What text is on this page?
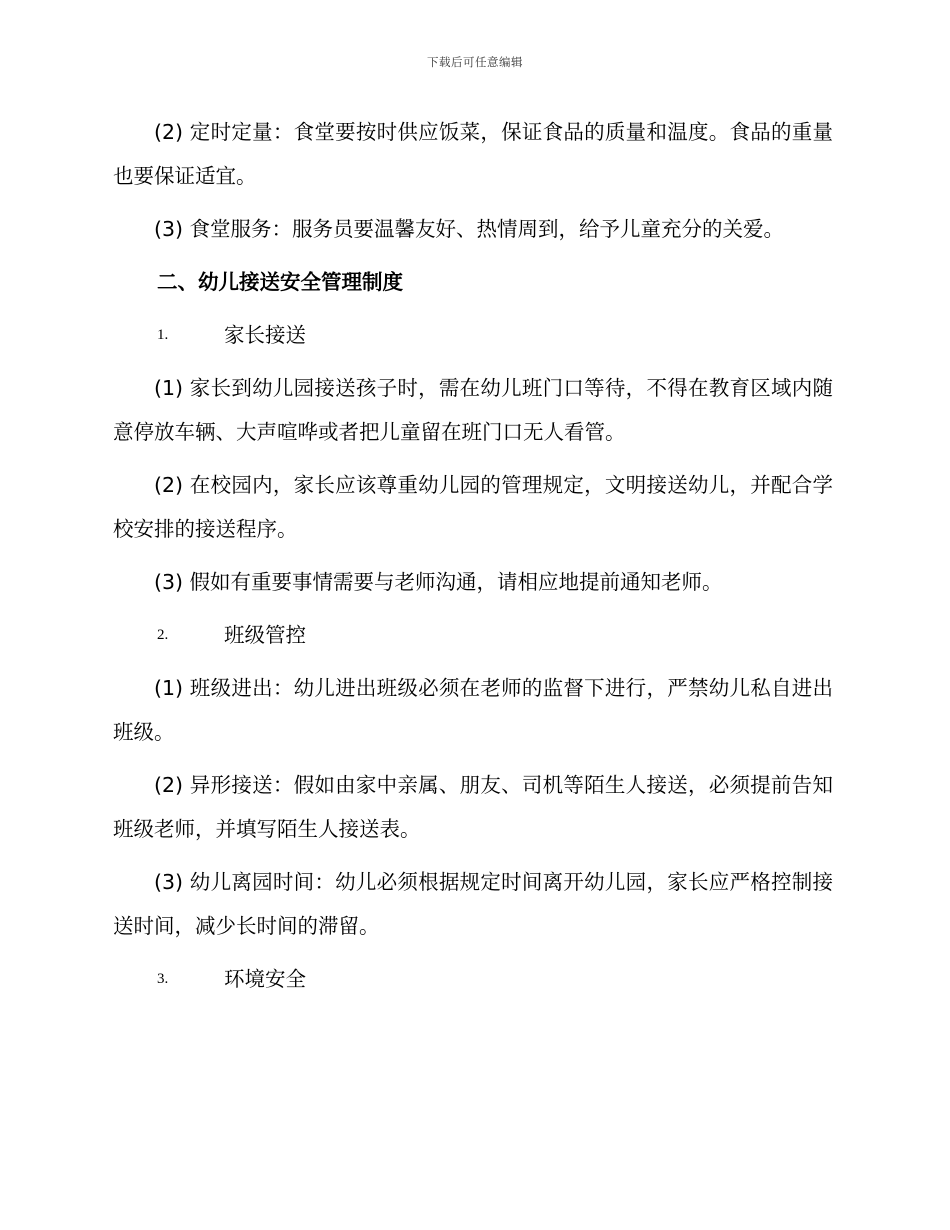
下载后可任意编辑

(2) 定时定量：食堂要按时供应饭菜，保证食品的质量和温度。食品的重量也要保证适宜。

(3) 食堂服务：服务员要温馨友好、热情周到，给予儿童充分的关爱。

二、幼儿接送安全管理制度
1.	家长接送

(1) 家长到幼儿园接送孩子时，需在幼儿班门口等待，不得在教育区域内随意停放车辆、大声喧哗或者把儿童留在班门口无人看管。

(2) 在校园内，家长应该尊重幼儿园的管理规定，文明接送幼儿，并配合学校安排的接送程序。

(3) 假如有重要事情需要与老师沟通，请相应地提前通知老师。

2.	班级管控

(1) 班级进出：幼儿进出班级必须在老师的监督下进行，严禁幼儿私自进出班级。

(2) 异形接送：假如由家中亲属、朋友、司机等陌生人接送，必须提前告知班级老师，并填写陌生人接送表。

(3) 幼儿离园时间：幼儿必须根据规定时间离开幼儿园，家长应严格控制接送时间，减少长时间的滞留。

3.	环境安全
